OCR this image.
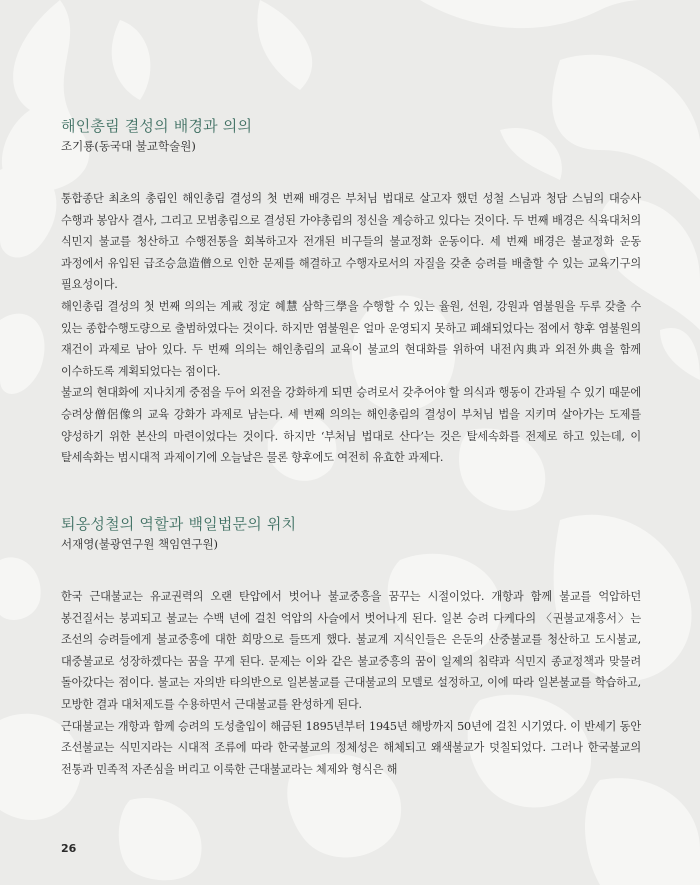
해인총림 결성의 배경과 의의
조기룡(동국대 불교학술원)

통합종단 최초의 총림인 해인총림 결성의 첫 번째 배경은 부처님 법대로 살고자 했던 성철 스님과 청담 스님의 대승사 수행과 봉암사 결사, 그리고 모범총림으로 결성된 가야총림의 정신을 계승하고 있다는 것이다. 두 번째 배경은 식육대처의 식민지 불교를 청산하고 수행전통을 회복하고자 전개된 비구들의 불교정화 운동이다. 세 번째 배경은 불교정화 운동 과정에서 유입된 급조승急造僧으로 인한 문제를 해결하고 수행자로서의 자질을 갖춘 승려를 배출할 수 있는 교육기구의 필요성이다.

해인총림 결성의 첫 번째 의의는 계戒 정定 혜慧 삼학三學을 수행할 수 있는 율원, 선원, 강원과 염불원을 두루 갖출 수 있는 종합수행도량으로 출범하였다는 것이다. 하지만 염불원은 얼마 운영되지 못하고 폐쇄되었다는 점에서 향후 염불원의 재건이 과제로 남아 있다. 두 번째 의의는 해인총림의 교육이 불교의 현대화를 위하여 내전內典과 외전外典을 함께 이수하도록 계획되었다는 점이다.

불교의 현대화에 지나치게 중점을 두어 외전을 강화하게 되면 승려로서 갖추어야 할 의식과 행동이 간과될 수 있기 때문에 승려상僧侶像의 교육 강화가 과제로 남는다. 세 번째 의의는 해인총림의 결성이 부처님 법을 지키며 살아가는 도제를 양성하기 위한 본산의 마련이었다는 것이다. 하지만 ‘부처님 법대로 산다’는 것은 탈세속화를 전제로 하고 있는데, 이 탈세속화는 범시대적 과제이기에 오늘날은 물론 향후에도 여전히 유효한 과제다.

퇴옹성철의 역할과 백일법문의 위치
서재영(불광연구원 책임연구원)

한국 근대불교는 유교권력의 오랜 탄압에서 벗어나 불교중흥을 꿈꾸는 시절이었다. 개항과 함께 불교를 억압하던 봉건질서는 붕괴되고 불교는 수백 년에 걸친 억압의 사슬에서 벗어나게 된다. 일본 승려 다케다의 〈권불교재흥서〉는 조선의 승려들에게 불교중흥에 대한 희망으로 들뜨게 했다. 불교계 지식인들은 은둔의 산중불교를 청산하고 도시불교, 대중불교로 성장하겠다는 꿈을 꾸게 된다. 문제는 이와 같은 불교중흥의 꿈이 일제의 침략과 식민지 종교정책과 맞물려 돌아갔다는 점이다. 불교는 자의반 타의반으로 일본불교를 근대불교의 모델로 설정하고, 이에 따라 일본불교를 학습하고, 모방한 결과 대처제도를 수용하면서 근대불교를 완성하게 된다.

근대불교는 개항과 함께 승려의 도성출입이 해금된 1895년부터 1945년 해방까지 50년에 걸친 시기였다. 이 반세기 동안 조선불교는 식민지라는 시대적 조류에 따라 한국불교의 정체성은 해체되고 왜색불교가 덧칠되었다. 그러나 한국불교의 전통과 민족적 자존심을 버리고 이룩한 근대불교라는 체제와 형식은 해

26
